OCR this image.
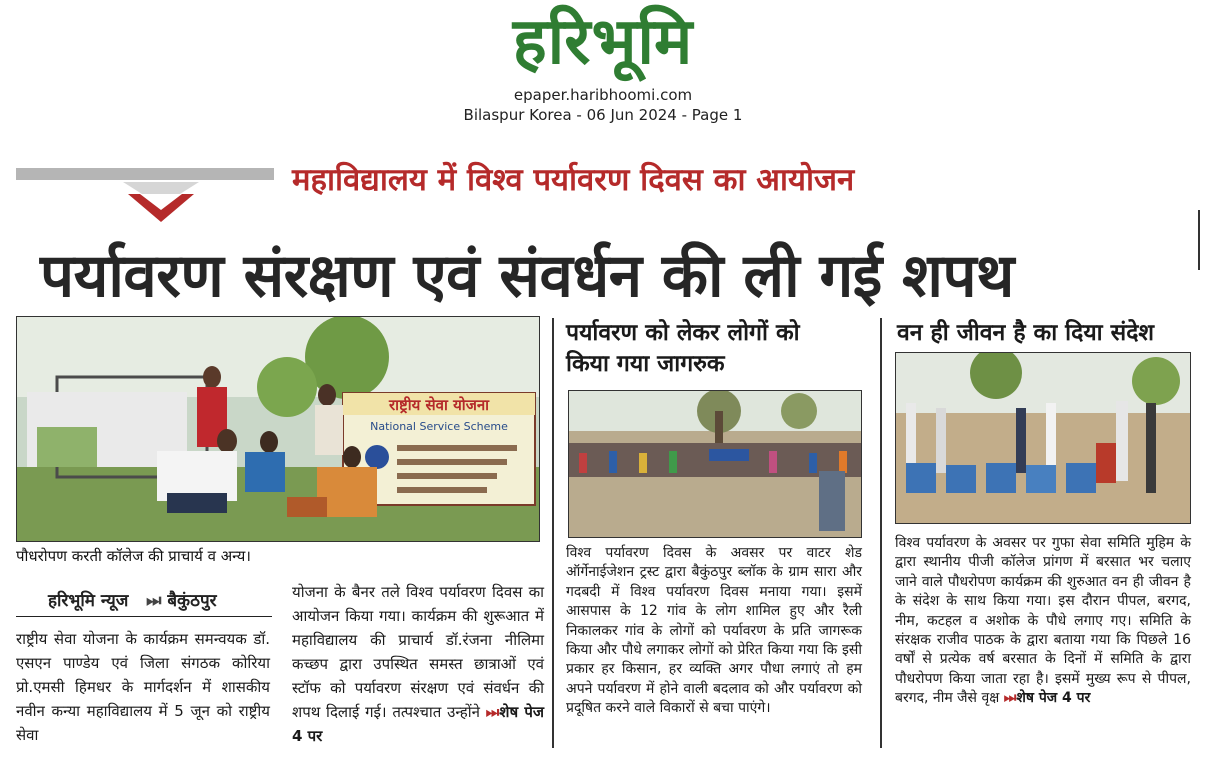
हरिभूमि
epaper.haribhoomi.com
Bilaspur Korea - 06 Jun 2024 - Page 1
महाविद्यालय में विश्व पर्यावरण दिवस का आयोजन
पर्यावरण संरक्षण एवं संवर्धन की ली गई शपथ
राष्ट्रीय सेवा योजना
National Service Scheme
पौधरोपण करती कॉलेज की प्राचार्य व अन्य।
हरिभूमि न्यूज ⏭ बैकुंठपुर

राष्ट्रीय सेवा योजना के कार्यक्रम समन्वयक डॉ. एसएन पाण्डेय एवं जिला संगठक कोरिया प्रो.एमसी हिमधर के मार्गदर्शन में शासकीय नवीन कन्या महाविद्यालय में 5 जून को राष्ट्रीय सेवा

योजना के बैनर तले विश्व पर्यावरण दिवस का आयोजन किया गया। कार्यक्रम की शुरूआत में महाविद्यालय की प्राचार्य डॉ.रंजना नीलिमा कच्छप द्वारा उपस्थित समस्त छात्राओं एवं स्टॉफ को पर्यावरण संरक्षण एवं संवर्धन की शपथ दिलाई गई। तत्पश्चात उन्होंने ⏭शेष पेज 4 पर

पर्यावरण को लेकर लोगों को किया गया जागरुक
विश्व पर्यावरण दिवस के अवसर पर वाटर शेड ऑर्गेनाईजेशन ट्रस्ट द्वारा बैकुंठपुर ब्लॉक के ग्राम सारा और गदबदी में विश्व पर्यावरण दिवस मनाया गया। इसमें आसपास के 12 गांव के लोग शामिल हुए और रैली निकालकर गांव के लोगों को पर्यावरण के प्रति जागरूक किया और पौधे लगाकर लोगों को प्रेरित किया गया कि इसी प्रकार हर किसान, हर व्यक्ति अगर पौधा लगाएं तो हम अपने पर्यावरण में होने वाली बदलाव को और पर्यावरण को प्रदूषित करने वाले विकारों से बचा पाएंगे।
वन ही जीवन है का दिया संदेश
विश्व पर्यावरण के अवसर पर गुफा सेवा समिति मुहिम के द्वारा स्थानीय पीजी कॉलेज प्रांगण में बरसात भर चलाए जाने वाले पौधरोपण कार्यक्रम की शुरुआत वन ही जीवन है के संदेश के साथ किया गया। इस दौरान पीपल, बरगद, नीम, कटहल व अशोक के पौधे लगाए गए। समिति के संरक्षक राजीव पाठक के द्वारा बताया गया कि पिछले 16 वर्षों से प्रत्येक वर्ष बरसात के दिनों में समिति के द्वारा पौधरोपण किया जाता रहा है। इसमें मुख्य रूप से पीपल, बरगद, नीम जैसे वृक्ष ⏭शेष पेज 4 पर
